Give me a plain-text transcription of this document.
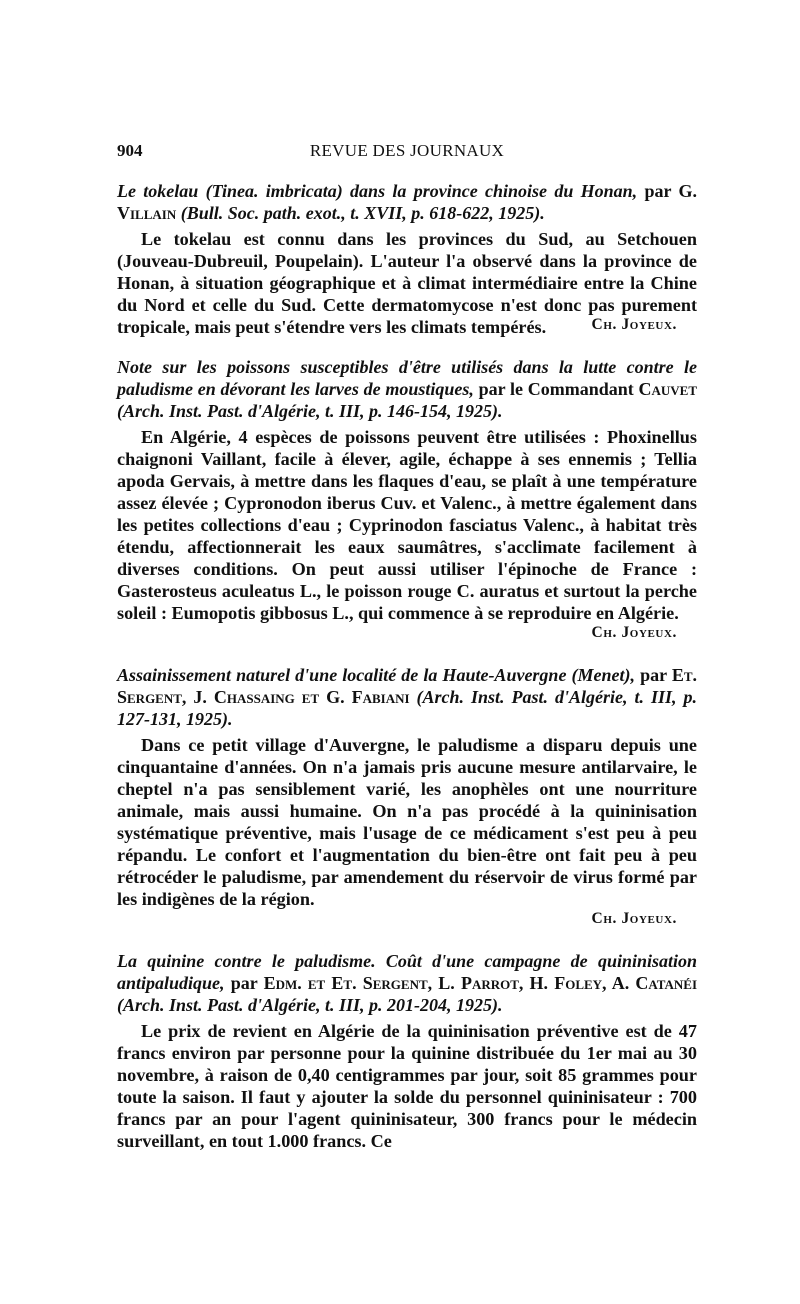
904	REVUE DES JOURNAUX
Le tokelau (Tinea. imbricata) dans la province chinoise du Honan, par G. Villain (Bull. Soc. path. exot., t. XVII, p. 618-622, 1925).

Le tokelau est connu dans les provinces du Sud, au Setchouen (Jouveau-Dubreuil, Poupelain). L'auteur l'a observé dans la province de Honan, à situation géographique et à climat intermédiaire entre la Chine du Nord et celle du Sud. Cette dermatomycose n'est donc pas purement tropicale, mais peut s'étendre vers les climats tempérés.	Ch. Joyeux.
Note sur les poissons susceptibles d'être utilisés dans la lutte contre le paludisme en dévorant les larves de moustiques, par le Commandant Cauvet (Arch. Inst. Past. d'Algérie, t. III, p. 146-154, 1925).

En Algérie, 4 espèces de poissons peuvent être utilisées : Phoxinellus chaignoni Vaillant, facile à élever, agile, échappe à ses ennemis ; Tellia apoda Gervais, à mettre dans les flaques d'eau, se plaît à une température assez élevée ; Cypronodon iberus Cuv. et Valenc., à mettre également dans les petites collections d'eau ; Cyprinodon fasciatus Valenc., à habitat très étendu, affectionnerait les eaux saumâtres, s'acclimate facilement à diverses conditions. On peut aussi utiliser l'épinoche de France : Gasterosteus aculeatus L., le poisson rouge C. auratus et surtout la perche soleil : Eumopotis gibbosus L., qui commence à se reproduire en Algérie.

Ch. Joyeux.
Assainissement naturel d'une localité de la Haute-Auvergne (Menet), par Et. Sergent, J. Chassaing et G. Fabiani (Arch. Inst. Past. d'Algérie, t. III, p. 127-131, 1925).

Dans ce petit village d'Auvergne, le paludisme a disparu depuis une cinquantaine d'années. On n'a jamais pris aucune mesure antilarvaire, le cheptel n'a pas sensiblement varié, les anophèles ont une nourriture animale, mais aussi humaine. On n'a pas procédé à la quininisation systématique préventive, mais l'usage de ce médicament s'est peu à peu répandu. Le confort et l'augmentation du bien-être ont fait peu à peu rétrocéder le paludisme, par amendement du réservoir de virus formé par les indigènes de la région.

Ch. Joyeux.
La quinine contre le paludisme. Coût d'une campagne de quininisation antipaludique, par Edm. et Et. Sergent, L. Parrot, H. Foley, A. Catanéi (Arch. Inst. Past. d'Algérie, t. III, p. 201-204, 1925).

Le prix de revient en Algérie de la quininisation préventive est de 47 francs environ par personne pour la quinine distribuée du 1er mai au 30 novembre, à raison de 0,40 centigrammes par jour, soit 85 grammes pour toute la saison. Il faut y ajouter la solde du personnel quininisateur : 700 francs par an pour l'agent quininisateur, 300 francs pour le médecin surveillant, en tout 1.000 francs. Ce
